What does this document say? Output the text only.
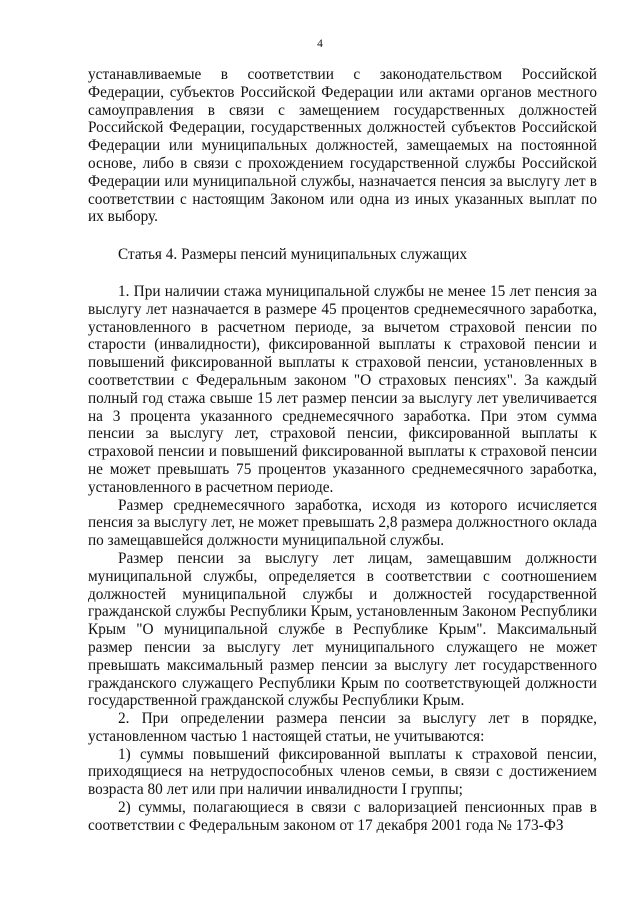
4

устанавливаемые в соответствии с законодательством Российской Федерации, субъектов Российской Федерации или актами органов местного самоуправления в связи с замещением государственных должностей Российской Федерации, государственных должностей субъектов Российской Федерации или муниципальных должностей, замещаемых на постоянной основе, либо в связи с прохождением государственной службы Российской Федерации или муниципальной службы, назначается пенсия за выслугу лет в соответствии с настоящим Законом или одна из иных указанных выплат по их выбору.

Статья 4. Размеры пенсий муниципальных служащих

1. При наличии стажа муниципальной службы не менее 15 лет пенсия за выслугу лет назначается в размере 45 процентов среднемесячного заработка, установленного в расчетном периоде, за вычетом страховой пенсии по старости (инвалидности), фиксированной выплаты к страховой пенсии и повышений фиксированной выплаты к страховой пенсии, установленных в соответствии с Федеральным законом "О страховых пенсиях". За каждый полный год стажа свыше 15 лет размер пенсии за выслугу лет увеличивается на 3 процента указанного среднемесячного заработка. При этом сумма пенсии за выслугу лет, страховой пенсии, фиксированной выплаты к страховой пенсии и повышений фиксированной выплаты к страховой пенсии не может превышать 75 процентов указанного среднемесячного заработка, установленного в расчетном периоде.

Размер среднемесячного заработка, исходя из которого исчисляется пенсия за выслугу лет, не может превышать 2,8 размера должностного оклада по замещавшейся должности муниципальной службы.

Размер пенсии за выслугу лет лицам, замещавшим должности муниципальной службы, определяется в соответствии с соотношением должностей муниципальной службы и должностей государственной гражданской службы Республики Крым, установленным Законом Республики Крым "О муниципальной службе в Республике Крым". Максимальный размер пенсии за выслугу лет муниципального служащего не может превышать максимальный размер пенсии за выслугу лет государственного гражданского служащего Республики Крым по соответствующей должности государственной гражданской службы Республики Крым.

2. При определении размера пенсии за выслугу лет в порядке, установленном частью 1 настоящей статьи, не учитываются:

1) суммы повышений фиксированной выплаты к страховой пенсии, приходящиеся на нетрудоспособных членов семьи, в связи с достижением возраста 80 лет или при наличии инвалидности I группы;

2) суммы, полагающиеся в связи с валоризацией пенсионных прав в соответствии с Федеральным законом от 17 декабря 2001 года № 173-ФЗ
